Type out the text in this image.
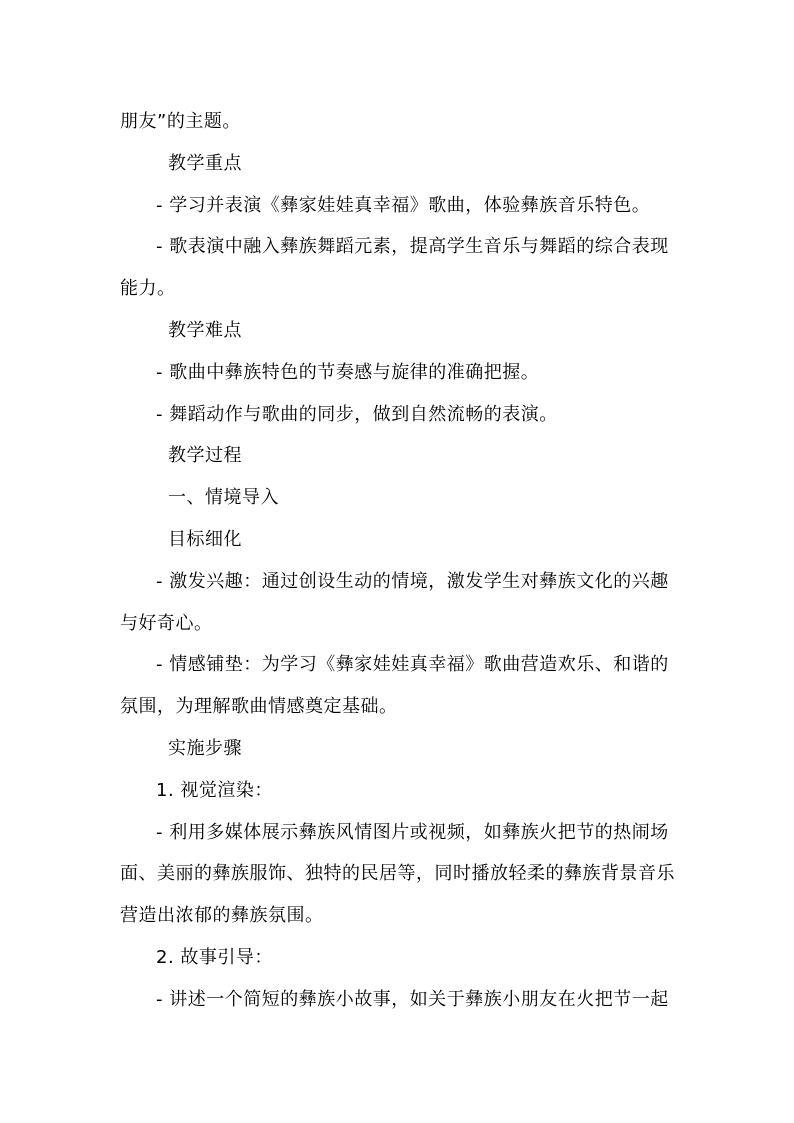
朋友”的主题。
教学重点
- 学习并表演《彝家娃娃真幸福》歌曲，体验彝族音乐特色。
- 歌表演中融入彝族舞蹈元素，提高学生音乐与舞蹈的综合表现
能力。
教学难点
- 歌曲中彝族特色的节奏感与旋律的准确把握。
- 舞蹈动作与歌曲的同步，做到自然流畅的表演。
教学过程
一、情境导入
目标细化
- 激发兴趣：通过创设生动的情境，激发学生对彝族文化的兴趣
与好奇心。
- 情感铺垫：为学习《彝家娃娃真幸福》歌曲营造欢乐、和谐的
氛围，为理解歌曲情感奠定基础。
实施步骤
1. 视觉渲染：
- 利用多媒体展示彝族风情图片或视频，如彝族火把节的热闹场
面、美丽的彝族服饰、独特的民居等，同时播放轻柔的彝族背景音乐
营造出浓郁的彝族氛围。
2. 故事引导：
- 讲述一个简短的彝族小故事，如关于彝族小朋友在火把节一起
